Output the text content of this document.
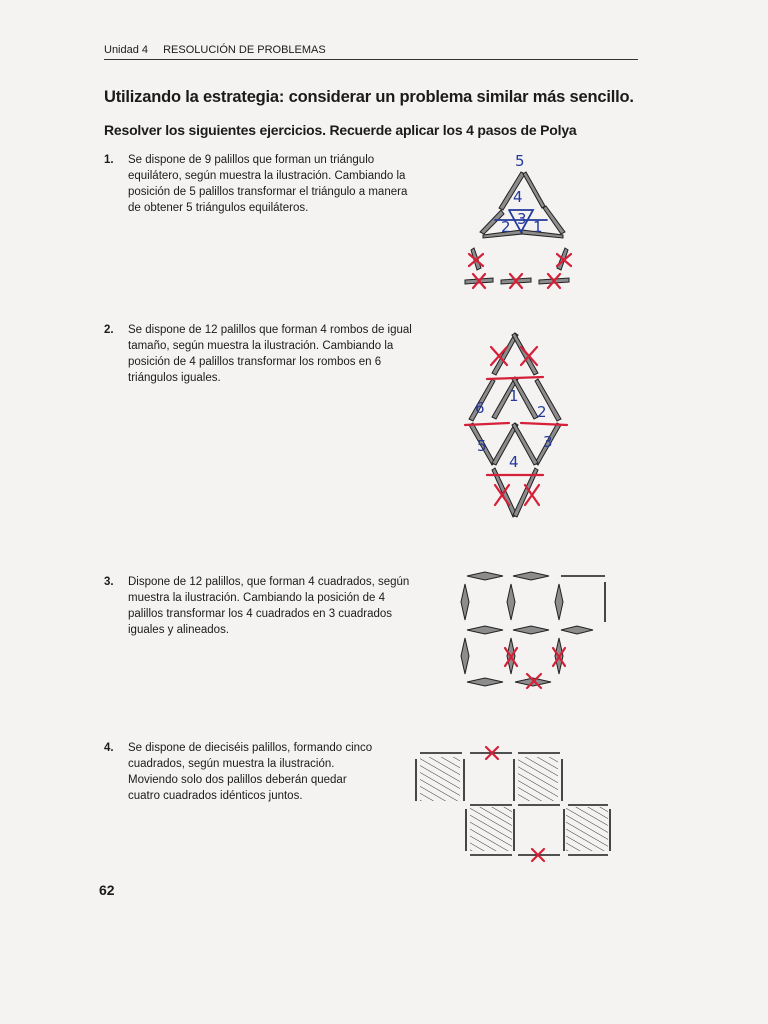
Unidad 4 RESOLUCIÓN DE PROBLEMAS
Utilizando la estrategia: considerar un problema similar más sencillo.
Resolver los siguientes ejercicios. Recuerde aplicar los 4 pasos de Polya
1. Se dispone de 9 palillos que forman un triángulo equilátero, según muestra la ilustración. Cambiando la posición de 5 palillos transformar el triángulo a manera de obtener 5 triángulos equiláteros.
5
4
3
2 1
2. Se dispone de 12 palillos que forman 4 rombos de igual tamaño, según muestra la ilustración. Cambiando la posición de 4 palillos transformar los rombos en 6 triángulos iguales.
1
2
3
4
5
6
3. Dispone de 12 palillos, que forman 4 cuadrados, según muestra la ilustración. Cambiando la posición de 4 palillos transformar los 4 cuadrados en 3 cuadrados iguales y alineados.
4. Se dispone de dieciséis palillos, formando cinco cuadrados, según muestra la ilustración. Moviendo solo dos palillos deberán quedar cuatro cuadrados idénticos juntos.
62
